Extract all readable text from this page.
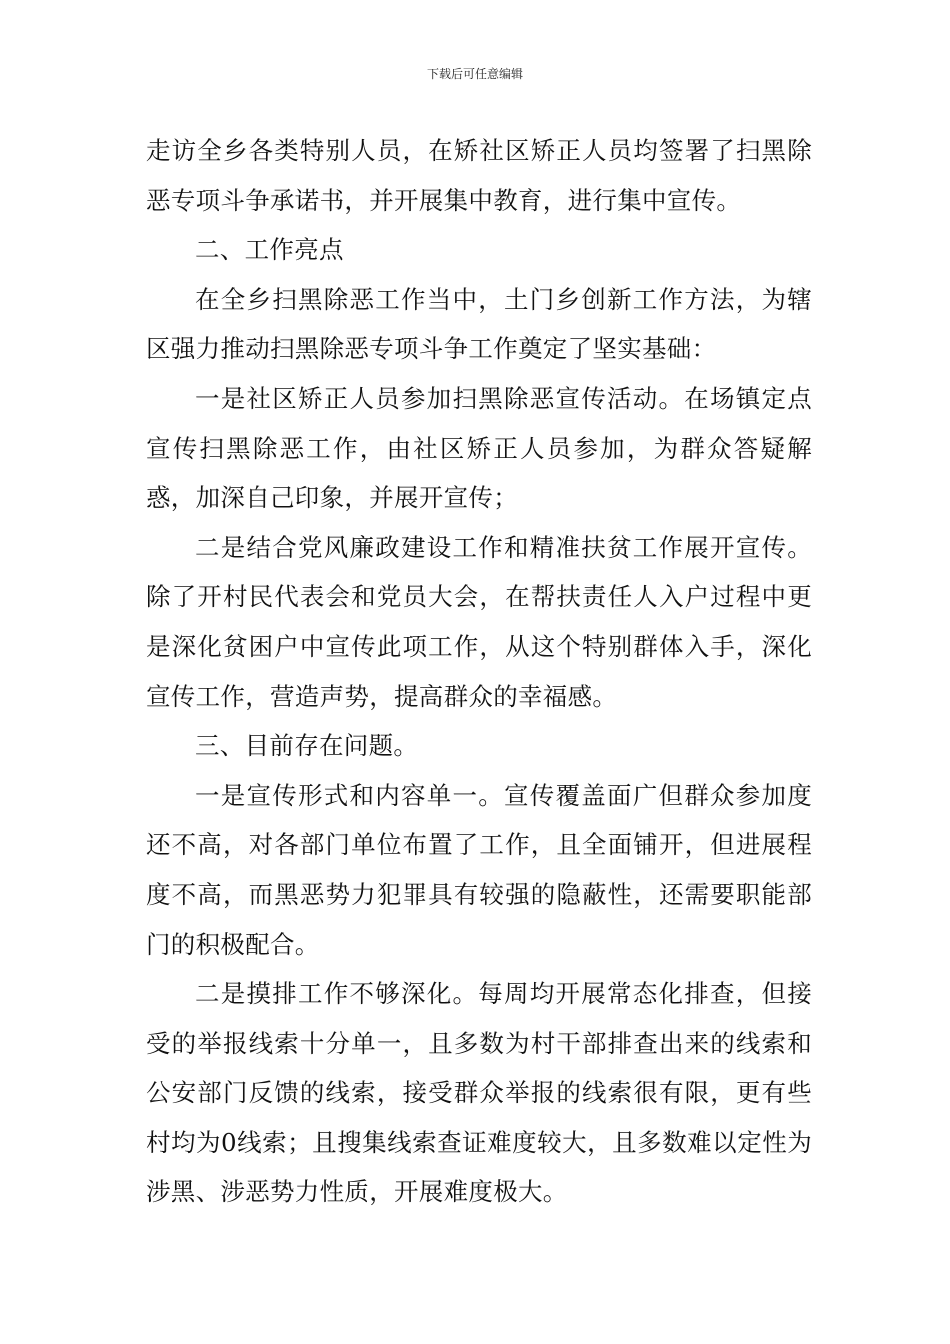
下载后可任意编辑

走访全乡各类特别人员，在矫社区矫正人员均签署了扫黑除恶专项斗争承诺书，并开展集中教育，进行集中宣传。

二、工作亮点

在全乡扫黑除恶工作当中，土门乡创新工作方法，为辖区强力推动扫黑除恶专项斗争工作奠定了坚实基础：

一是社区矫正人员参加扫黑除恶宣传活动。在场镇定点宣传扫黑除恶工作，由社区矫正人员参加，为群众答疑解惑，加深自己印象，并展开宣传；

二是结合党风廉政建设工作和精准扶贫工作展开宣传。除了开村民代表会和党员大会，在帮扶责任人入户过程中更是深化贫困户中宣传此项工作，从这个特别群体入手，深化宣传工作，营造声势，提高群众的幸福感。

三、目前存在问题。

一是宣传形式和内容单一。宣传覆盖面广但群众参加度还不高，对各部门单位布置了工作，且全面铺开，但进展程度不高，而黑恶势力犯罪具有较强的隐蔽性，还需要职能部门的积极配合。

二是摸排工作不够深化。每周均开展常态化排查，但接受的举报线索十分单一，且多数为村干部排查出来的线索和公安部门反馈的线索，接受群众举报的线索很有限，更有些村均为0线索；且搜集线索查证难度较大，且多数难以定性为涉黑、涉恶势力性质，开展难度极大。
